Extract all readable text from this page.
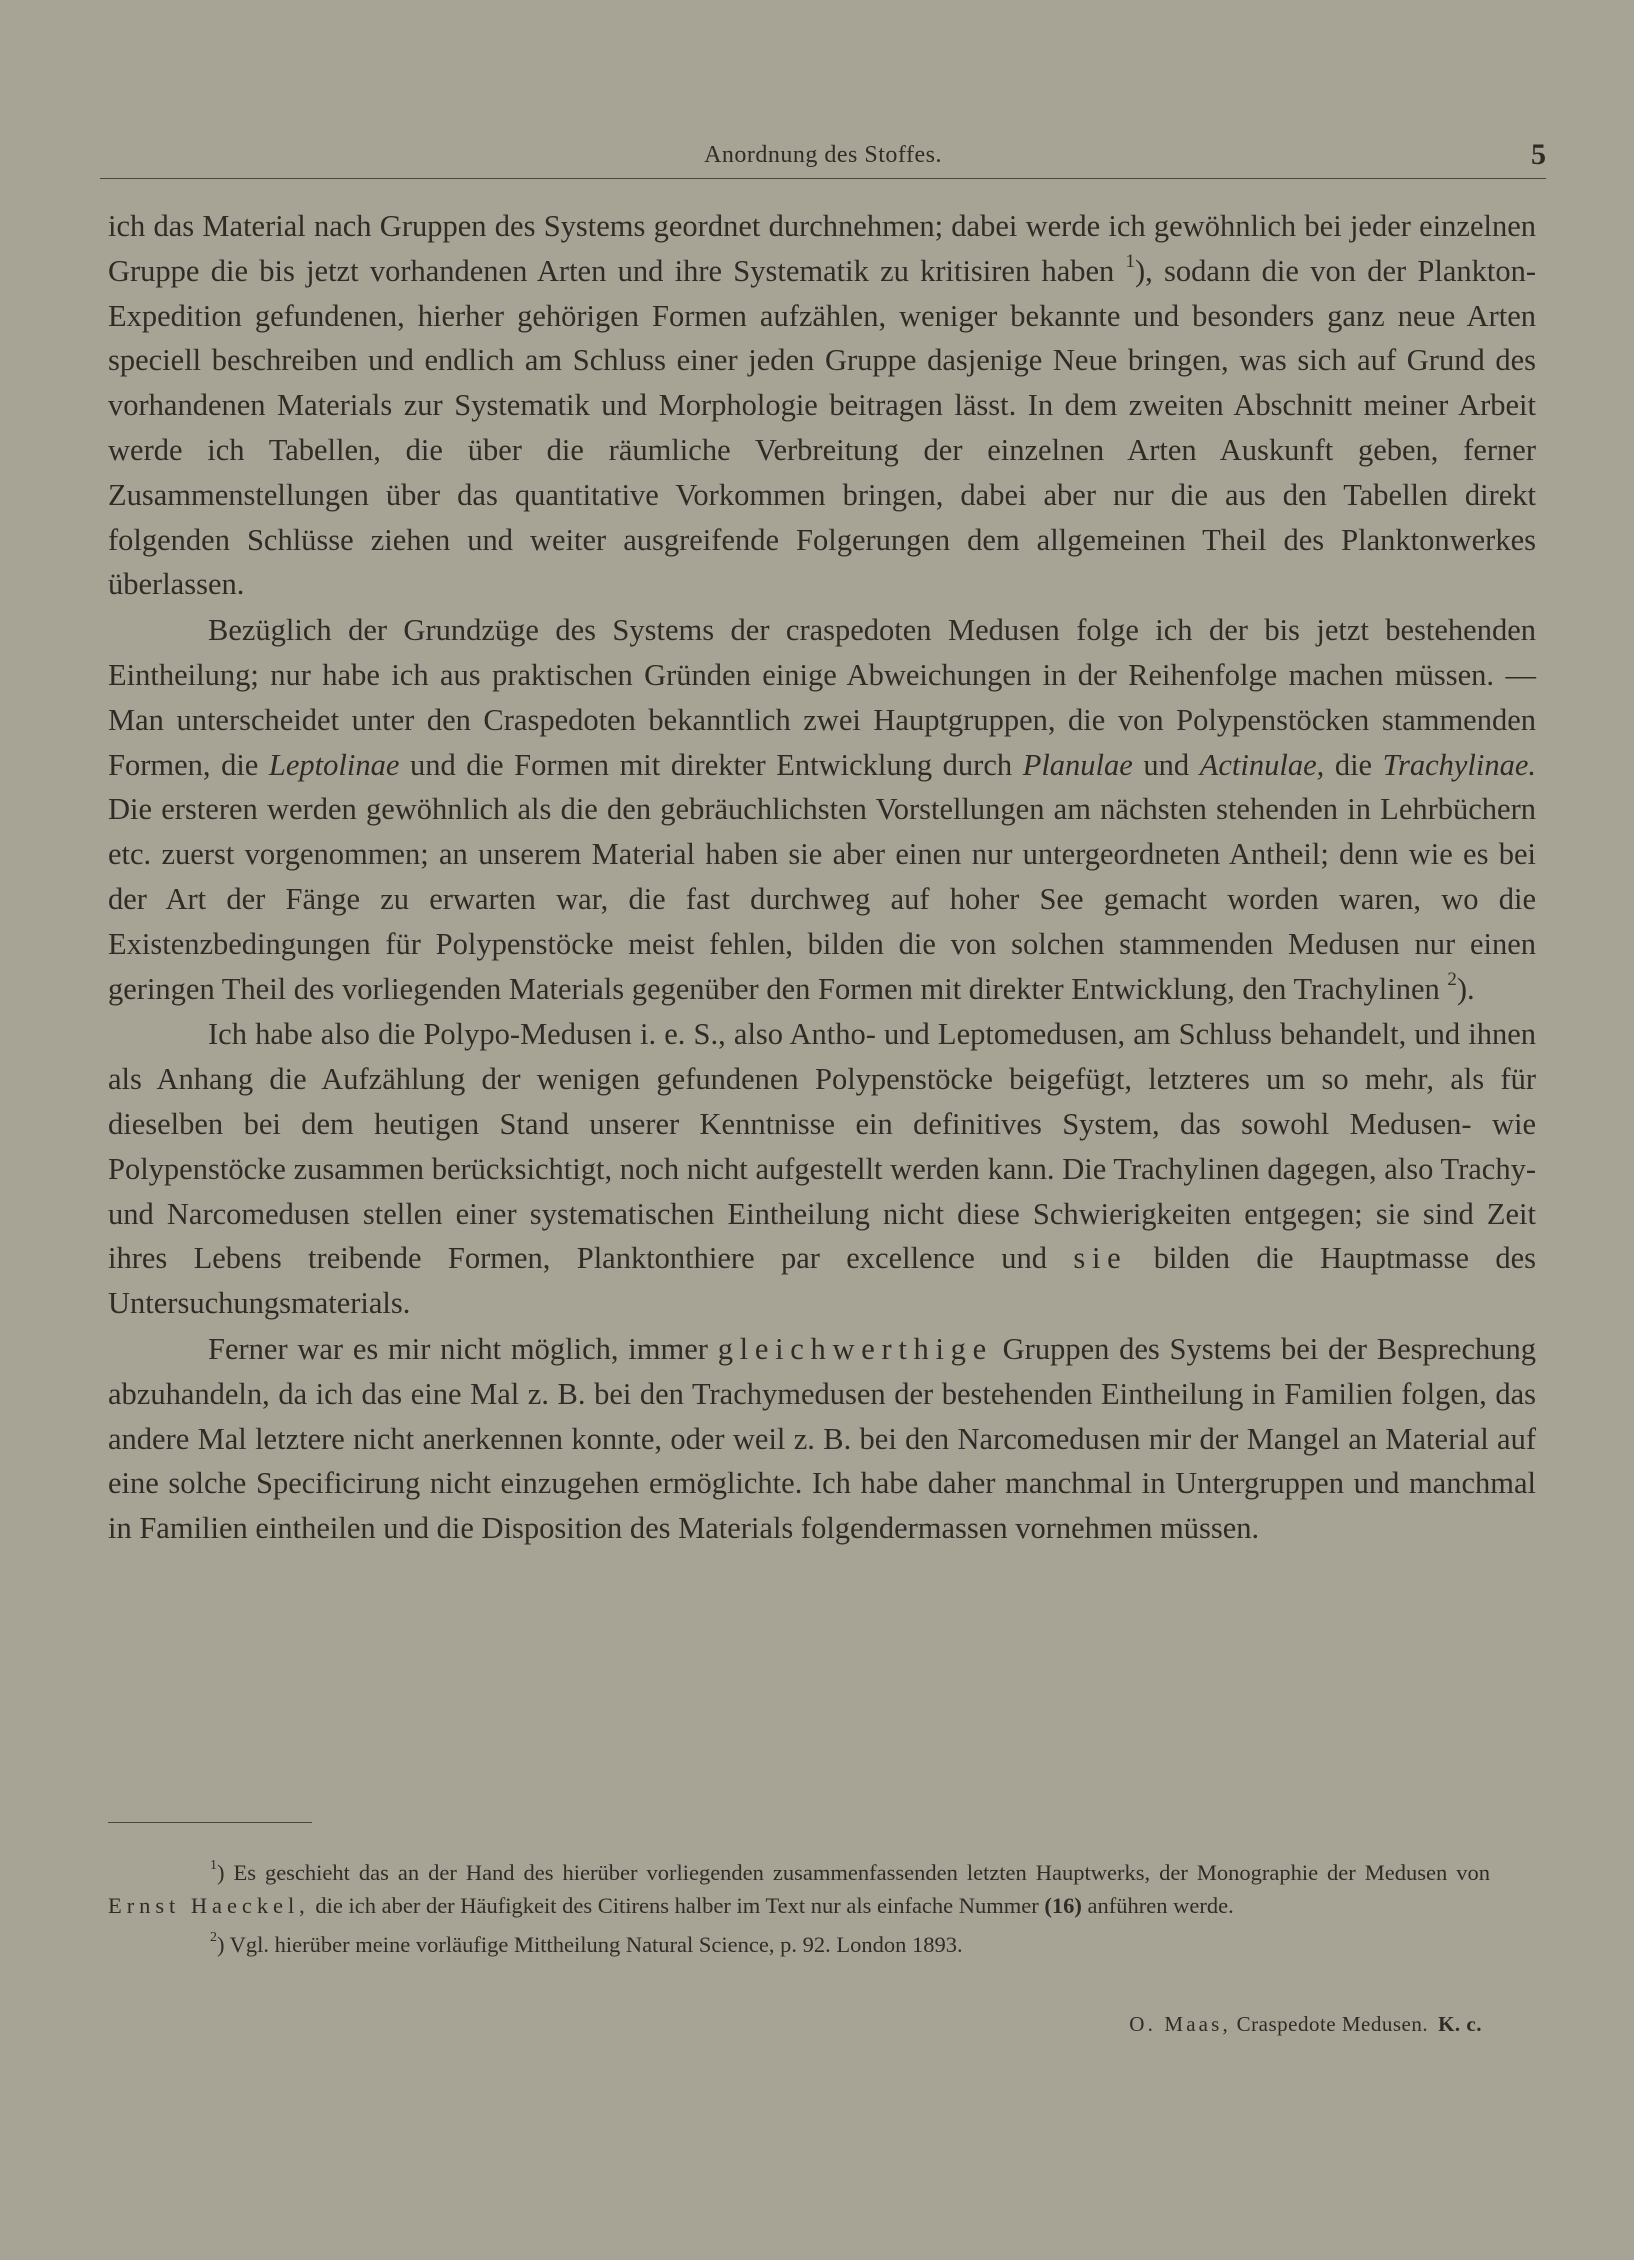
Anordnung des Stoffes.	5

ich das Material nach Gruppen des Systems geordnet durchnehmen; dabei werde ich gewöhnlich bei jeder einzelnen Gruppe die bis jetzt vorhandenen Arten und ihre Systematik zu kritisiren haben $^1$), sodann die von der Plankton-Expedition gefundenen, hierher gehörigen Formen aufzählen, weniger bekannte und besonders ganz neue Arten speciell beschreiben und endlich am Schluss einer jeden Gruppe dasjenige Neue bringen, was sich auf Grund des vorhandenen Materials zur Systematik und Morphologie beitragen lässt. In dem zweiten Abschnitt meiner Arbeit werde ich Tabellen, die über die räumliche Verbreitung der einzelnen Arten Auskunft geben, ferner Zusammenstellungen über das quantitative Vorkommen bringen, dabei aber nur die aus den Tabellen direkt folgenden Schlüsse ziehen und weiter ausgreifende Folgerungen dem allgemeinen Theil des Planktonwerkes überlassen.

Bezüglich der Grundzüge des Systems der craspedoten Medusen folge ich der bis jetzt bestehenden Eintheilung; nur habe ich aus praktischen Gründen einige Abweichungen in der Reihenfolge machen müssen. — Man unterscheidet unter den Craspedoten bekanntlich zwei Hauptgruppen, die von Polypenstöcken stammenden Formen, die Leptolinae und die Formen mit direkter Entwicklung durch Planulae und Actinulae, die Trachylinae. Die ersteren werden gewöhnlich als die den gebräuchlichsten Vorstellungen am nächsten stehenden in Lehrbüchern etc. zuerst vorgenommen; an unserem Material haben sie aber einen nur untergeordneten Antheil; denn wie es bei der Art der Fänge zu erwarten war, die fast durchweg auf hoher See gemacht worden waren, wo die Existenzbedingungen für Polypenstöcke meist fehlen, bilden die von solchen stammenden Medusen nur einen geringen Theil des vorliegenden Materials gegenüber den Formen mit direkter Entwicklung, den Trachylinen $^2$).

Ich habe also die Polypo-Medusen i. e. S., also Antho- und Leptomedusen, am Schluss behandelt, und ihnen als Anhang die Aufzählung der wenigen gefundenen Polypenstöcke beigefügt, letzteres um so mehr, als für dieselben bei dem heutigen Stand unserer Kenntnisse ein definitives System, das sowohl Medusen- wie Polypenstöcke zusammen berücksichtigt, noch nicht aufgestellt werden kann. Die Trachylinen dagegen, also Trachy- und Narcomedusen stellen einer systematischen Eintheilung nicht diese Schwierigkeiten entgegen; sie sind Zeit ihres Lebens treibende Formen, Planktonthiere par excellence und sie bilden die Hauptmasse des Untersuchungsmaterials.

Ferner war es mir nicht möglich, immer gleichwerthige Gruppen des Systems bei der Besprechung abzuhandeln, da ich das eine Mal z. B. bei den Trachymedusen der bestehenden Eintheilung in Familien folgen, das andere Mal letztere nicht anerkennen konnte, oder weil z. B. bei den Narcomedusen mir der Mangel an Material auf eine solche Specificirung nicht einzugehen ermöglichte. Ich habe daher manchmal in Untergruppen und manchmal in Familien eintheilen und die Disposition des Materials folgendermassen vornehmen müssen.

$^1$) Es geschieht das an der Hand des hierüber vorliegenden zusammenfassenden letzten Hauptwerks, der Monographie der Medusen von Ernst Haeckel, die ich aber der Häufigkeit des Citirens halber im Text nur als einfache Nummer (16) anführen werde.

$^2$) Vgl. hierüber meine vorläufige Mittheilung Natural Science, p. 92. London 1893.

O. Maas, Craspedote Medusen. K. c.
